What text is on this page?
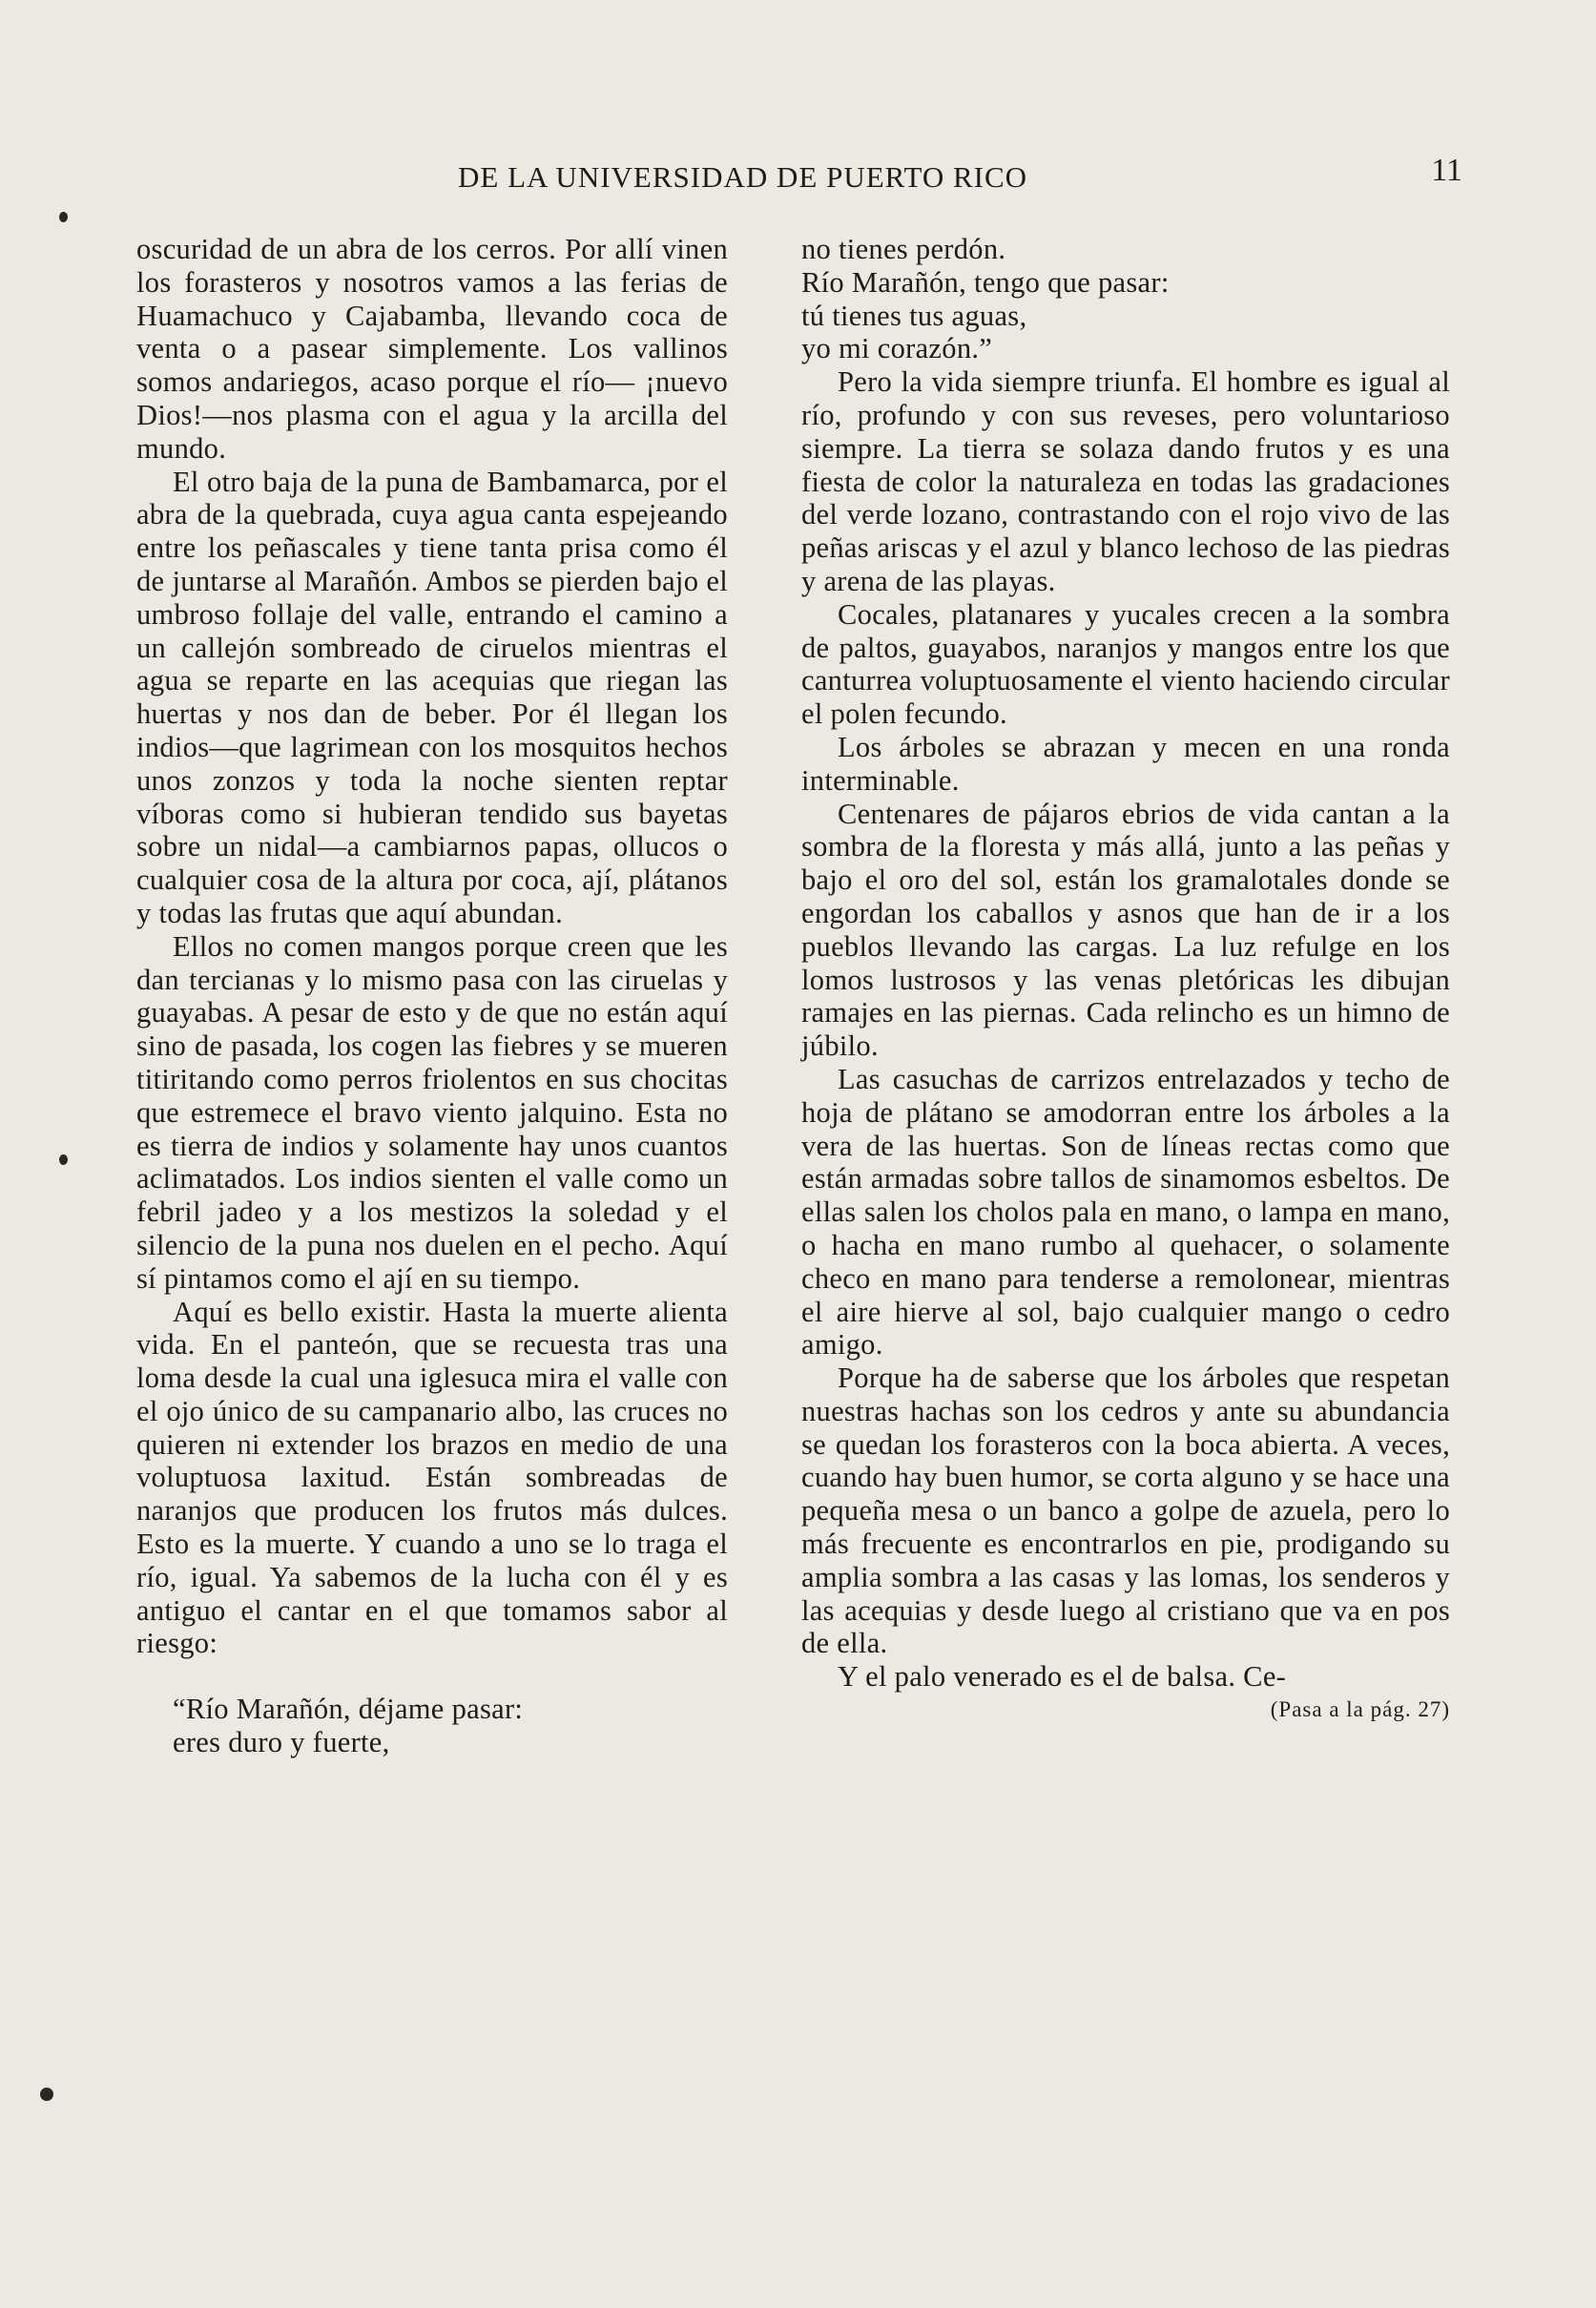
DE LA UNIVERSIDAD DE PUERTO RICO	11

oscuridad de un abra de los cerros. Por allí vinen los forasteros y nosotros vamos a las ferias de Huamachuco y Cajabamba, llevando coca de venta o a pasear simplemente. Los vallinos somos andariegos, acaso porque el río— ¡nuevo Dios!—nos plasma con el agua y la arcilla del mundo.

El otro baja de la puna de Bambamarca, por el abra de la quebrada, cuya agua canta espejeando entre los peñascales y tiene tanta prisa como él de juntarse al Marañón. Ambos se pierden bajo el umbroso follaje del valle, entrando el camino a un callejón sombreado de ciruelos mientras el agua se reparte en las acequias que riegan las huertas y nos dan de beber. Por él llegan los indios—que lagrimean con los mosquitos hechos unos zonzos y toda la noche sienten reptar víboras como si hubieran tendido sus bayetas sobre un nidal—a cambiarnos papas, ollucos o cualquier cosa de la altura por coca, ají, plátanos y todas las frutas que aquí abundan.

Ellos no comen mangos porque creen que les dan tercianas y lo mismo pasa con las ciruelas y guayabas. A pesar de esto y de que no están aquí sino de pasada, los cogen las fiebres y se mueren titiritando como perros friolentos en sus chocitas que estremece el bravo viento jalquino. Esta no es tierra de indios y solamente hay unos cuantos aclimatados. Los indios sienten el valle como un febril jadeo y a los mestizos la soledad y el silencio de la puna nos duelen en el pecho. Aquí sí pintamos como el ají en su tiempo.

Aquí es bello existir. Hasta la muerte alienta vida. En el panteón, que se recuesta tras una loma desde la cual una iglesuca mira el valle con el ojo único de su campanario albo, las cruces no quieren ni extender los brazos en medio de una voluptuosa laxitud. Están sombreadas de naranjos que producen los frutos más dulces. Esto es la muerte. Y cuando a uno se lo traga el río, igual. Ya sabemos de la lucha con él y es antiguo el cantar en el que tomamos sabor al riesgo:

“Río Marañón, déjame pasar:

eres duro y fuerte,

no tienes perdón.

Río Marañón, tengo que pasar:

tú tienes tus aguas,

yo mi corazón.”

Pero la vida siempre triunfa. El hombre es igual al río, profundo y con sus reveses, pero voluntarioso siempre. La tierra se solaza dando frutos y es una fiesta de color la naturaleza en todas las gradaciones del verde lozano, contrastando con el rojo vivo de las peñas ariscas y el azul y blanco lechoso de las piedras y arena de las playas.

Cocales, platanares y yucales crecen a la sombra de paltos, guayabos, naranjos y mangos entre los que canturrea voluptuosamente el viento haciendo circular el polen fecundo.

Los árboles se abrazan y mecen en una ronda interminable.

Centenares de pájaros ebrios de vida cantan a la sombra de la floresta y más allá, junto a las peñas y bajo el oro del sol, están los gramalotales donde se engordan los caballos y asnos que han de ir a los pueblos llevando las cargas. La luz refulge en los lomos lustrosos y las venas pletóricas les dibujan ramajes en las piernas. Cada relincho es un himno de júbilo.

Las casuchas de carrizos entrelazados y techo de hoja de plátano se amodorran entre los árboles a la vera de las huertas. Son de líneas rectas como que están armadas sobre tallos de sinamomos esbeltos. De ellas salen los cholos pala en mano, o lampa en mano, o hacha en mano rumbo al quehacer, o solamente checo en mano para tenderse a remolonear, mientras el aire hierve al sol, bajo cualquier mango o cedro amigo.

Porque ha de saberse que los árboles que respetan nuestras hachas son los cedros y ante su abundancia se quedan los forasteros con la boca abierta. A veces, cuando hay buen humor, se corta alguno y se hace una pequeña mesa o un banco a golpe de azuela, pero lo más frecuente es encontrarlos en pie, prodigando su amplia sombra a las casas y las lomas, los senderos y las acequias y desde luego al cristiano que va en pos de ella.

Y el palo venerado es el de balsa. Ce-

(Pasa a la pág. 27)
